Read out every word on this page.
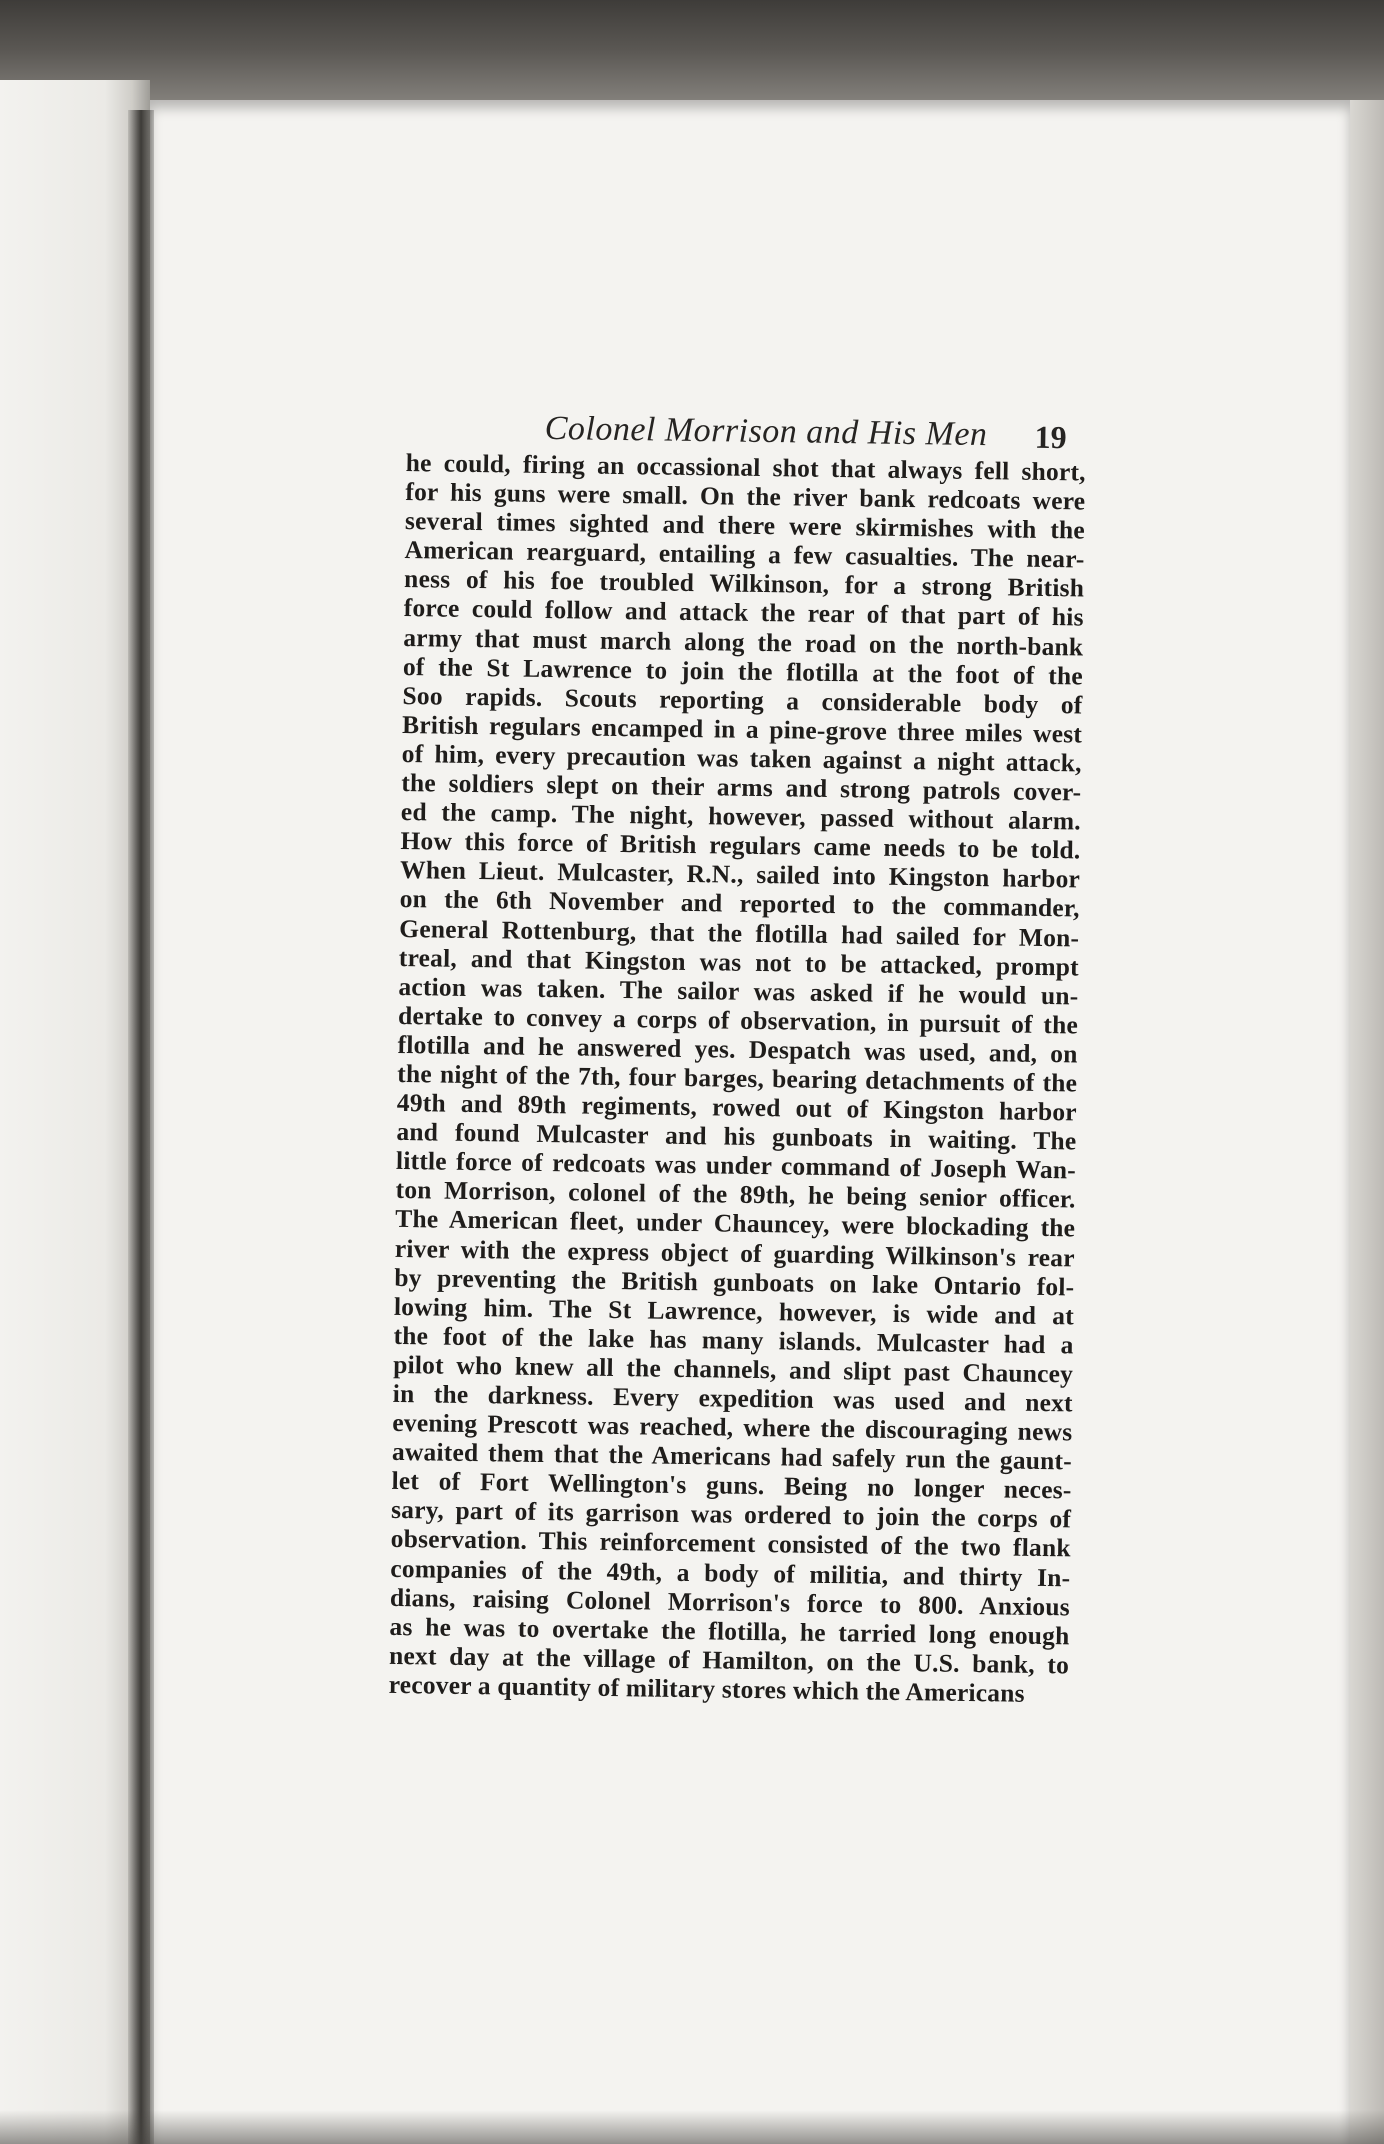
Colonel Morrison and His Men 19
he could, firing an occassional shot that always fell short,
for his guns were small. On the river bank redcoats were
several times sighted and there were skirmishes with the
American rearguard, entailing a few casualties. The near-
ness of his foe troubled Wilkinson, for a strong British
force could follow and attack the rear of that part of his
army that must march along the road on the north-bank
of the St Lawrence to join the flotilla at the foot of the
Soo rapids. Scouts reporting a considerable body of
British regulars encamped in a pine-grove three miles west
of him, every precaution was taken against a night attack,
the soldiers slept on their arms and strong patrols cover-
ed the camp. The night, however, passed without alarm.
How this force of British regulars came needs to be told.
When Lieut. Mulcaster, R.N., sailed into Kingston harbor
on the 6th November and reported to the commander,
General Rottenburg, that the flotilla had sailed for Mon-
treal, and that Kingston was not to be attacked, prompt
action was taken. The sailor was asked if he would un-
dertake to convey a corps of observation, in pursuit of the
flotilla and he answered yes. Despatch was used, and, on
the night of the 7th, four barges, bearing detachments of the
49th and 89th regiments, rowed out of Kingston harbor
and found Mulcaster and his gunboats in waiting. The
little force of redcoats was under command of Joseph Wan-
ton Morrison, colonel of the 89th, he being senior officer.
The American fleet, under Chauncey, were blockading the
river with the express object of guarding Wilkinson's rear
by preventing the British gunboats on lake Ontario fol-
lowing him. The St Lawrence, however, is wide and at
the foot of the lake has many islands. Mulcaster had a
pilot who knew all the channels, and slipt past Chauncey
in the darkness. Every expedition was used and next
evening Prescott was reached, where the discouraging news
awaited them that the Americans had safely run the gaunt-
let of Fort Wellington's guns. Being no longer neces-
sary, part of its garrison was ordered to join the corps of
observation. This reinforcement consisted of the two flank
companies of the 49th, a body of militia, and thirty In-
dians, raising Colonel Morrison's force to 800. Anxious
as he was to overtake the flotilla, he tarried long enough
next day at the village of Hamilton, on the U.S. bank, to
recover a quantity of military stores which the Americans
